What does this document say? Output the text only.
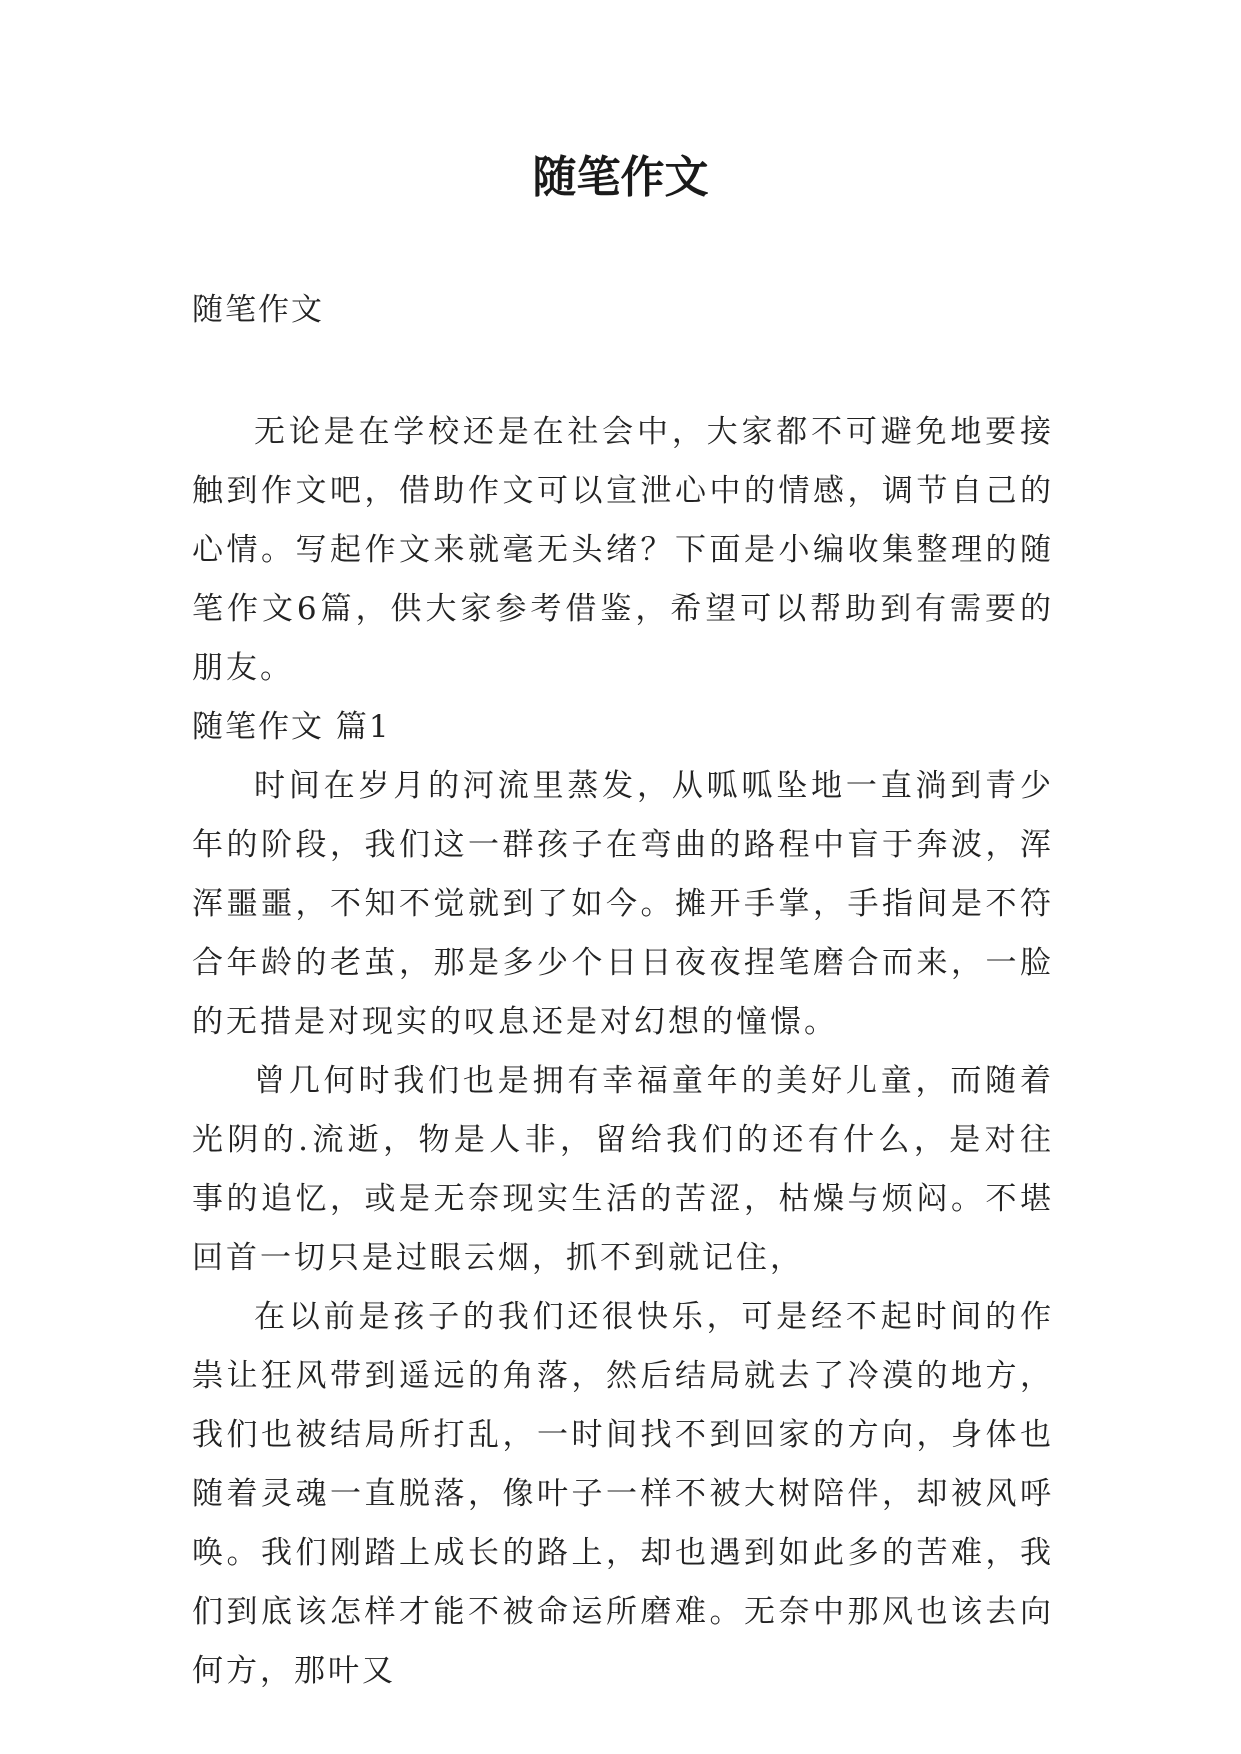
随笔作文
随笔作文

无论是在学校还是在社会中，大家都不可避免地要接触到作文吧，借助作文可以宣泄心中的情感，调节自己的心情。写起作文来就毫无头绪？下面是小编收集整理的随笔作文6篇，供大家参考借鉴，希望可以帮助到有需要的朋友。

随笔作文 篇1

时间在岁月的河流里蒸发，从呱呱坠地一直淌到青少年的阶段，我们这一群孩子在弯曲的路程中盲于奔波，浑浑噩噩，不知不觉就到了如今。摊开手掌，手指间是不符合年龄的老茧，那是多少个日日夜夜捏笔磨合而来，一脸的无措是对现实的叹息还是对幻想的憧憬。

曾几何时我们也是拥有幸福童年的美好儿童，而随着光阴的.流逝，物是人非，留给我们的还有什么，是对往事的追忆，或是无奈现实生活的苦涩，枯燥与烦闷。不堪回首一切只是过眼云烟，抓不到就记住，

在以前是孩子的我们还很快乐，可是经不起时间的作祟让狂风带到遥远的角落，然后结局就去了冷漠的地方，我们也被结局所打乱，一时间找不到回家的方向，身体也随着灵魂一直脱落，像叶子一样不被大树陪伴，却被风呼唤。我们刚踏上成长的路上，却也遇到如此多的苦难，我们到底该怎样才能不被命运所磨难。无奈中那风也该去向何方，那叶又
